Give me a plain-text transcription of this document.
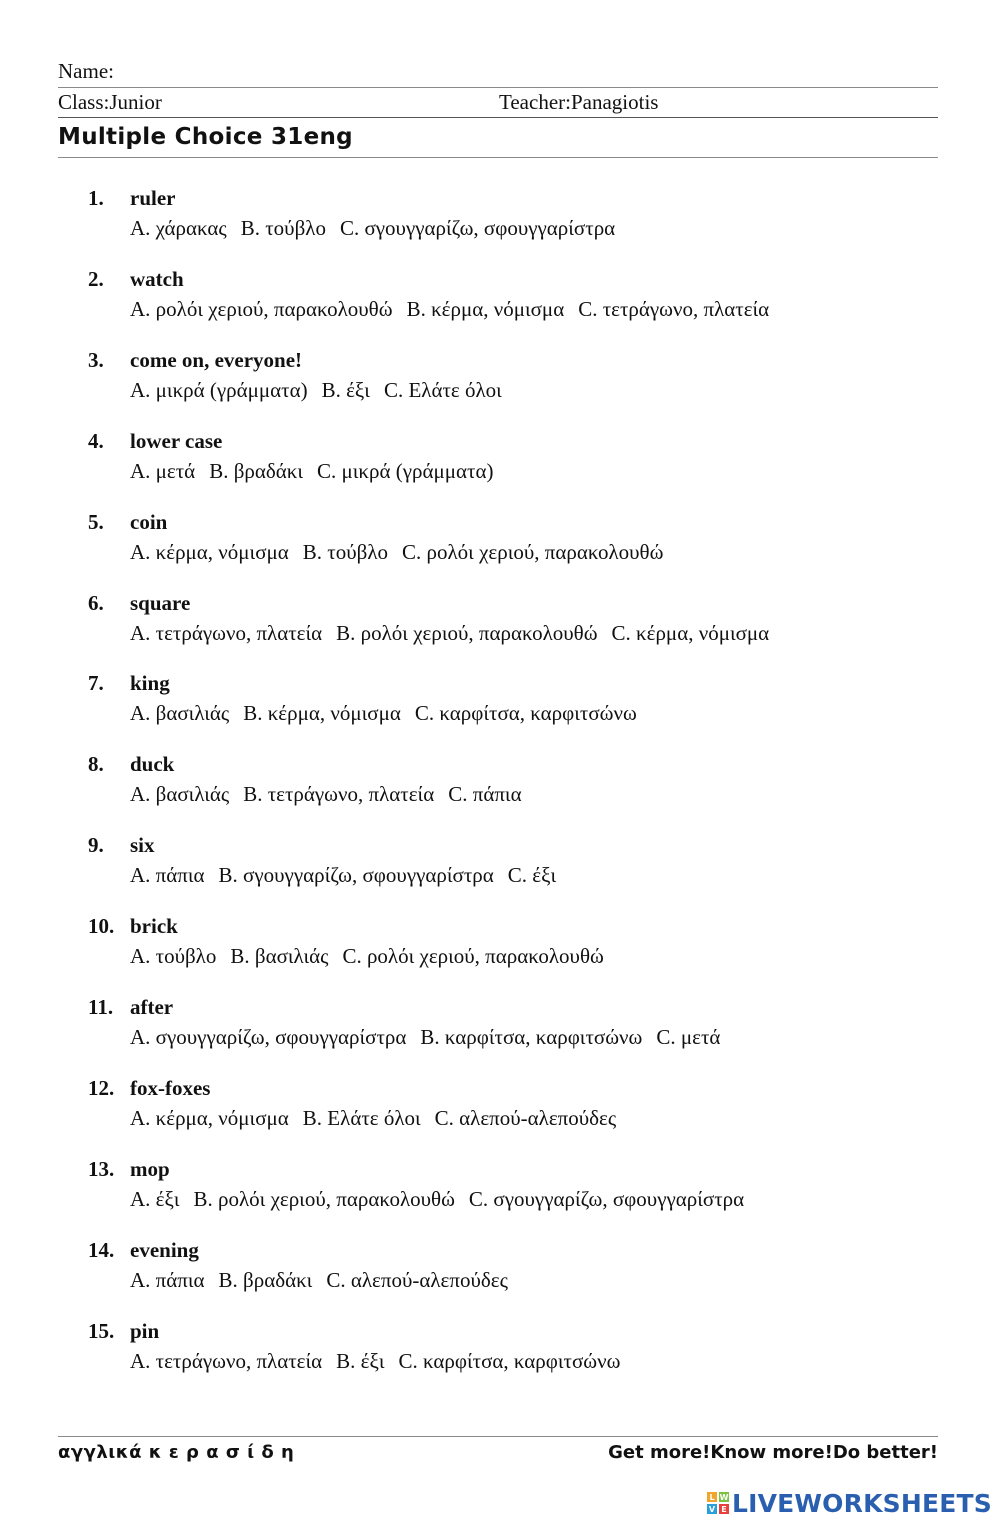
Name:
Class:Junior	Teacher:Panagiotis
Multiple Choice 31eng
1.	ruler
A. χάρακας B. τούβλο C. σγουγγαρίζω, σφουγγαρίστρα
2.	watch
A. ρολόι χεριού, παρακολουθώ B. κέρμα, νόμισμα C. τετράγωνο, πλατεία
3.	come on, everyone!
A. μικρά (γράμματα) B. έξι C. Ελάτε όλοι
4.	lower case
A. μετά B. βραδάκι C. μικρά (γράμματα)
5.	coin
A. κέρμα, νόμισμα B. τούβλο C. ρολόι χεριού, παρακολουθώ
6.	square
A. τετράγωνο, πλατεία B. ρολόι χεριού, παρακολουθώ C. κέρμα, νόμισμα
7.	king
A. βασιλιάς B. κέρμα, νόμισμα C. καρφίτσα, καρφιτσώνω
8.	duck
A. βασιλιάς B. τετράγωνο, πλατεία C. πάπια
9.	six
A. πάπια B. σγουγγαρίζω, σφουγγαρίστρα C. έξι
10. brick
A. τούβλο B. βασιλιάς C. ρολόι χεριού, παρακολουθώ
11. after
A. σγουγγαρίζω, σφουγγαρίστρα B. καρφίτσα, καρφιτσώνω C. μετά
12. fox-foxes
A. κέρμα, νόμισμα B. Ελάτε όλοι C. αλεπού-αλεπούδες
13. mop
A. έξι B. ρολόι χεριού, παρακολουθώ C. σγουγγαρίζω, σφουγγαρίστρα
14. evening
A. πάπια B. βραδάκι C. αλεπού-αλεπούδες
15. pin
A. τετράγωνο, πλατεία B. έξι C. καρφίτσα, καρφιτσώνω
αγγλικά κ ε ρ α σ ί δ η	Get more!Know more!Do better!
L W
V E LIVEWORKSHEETS
